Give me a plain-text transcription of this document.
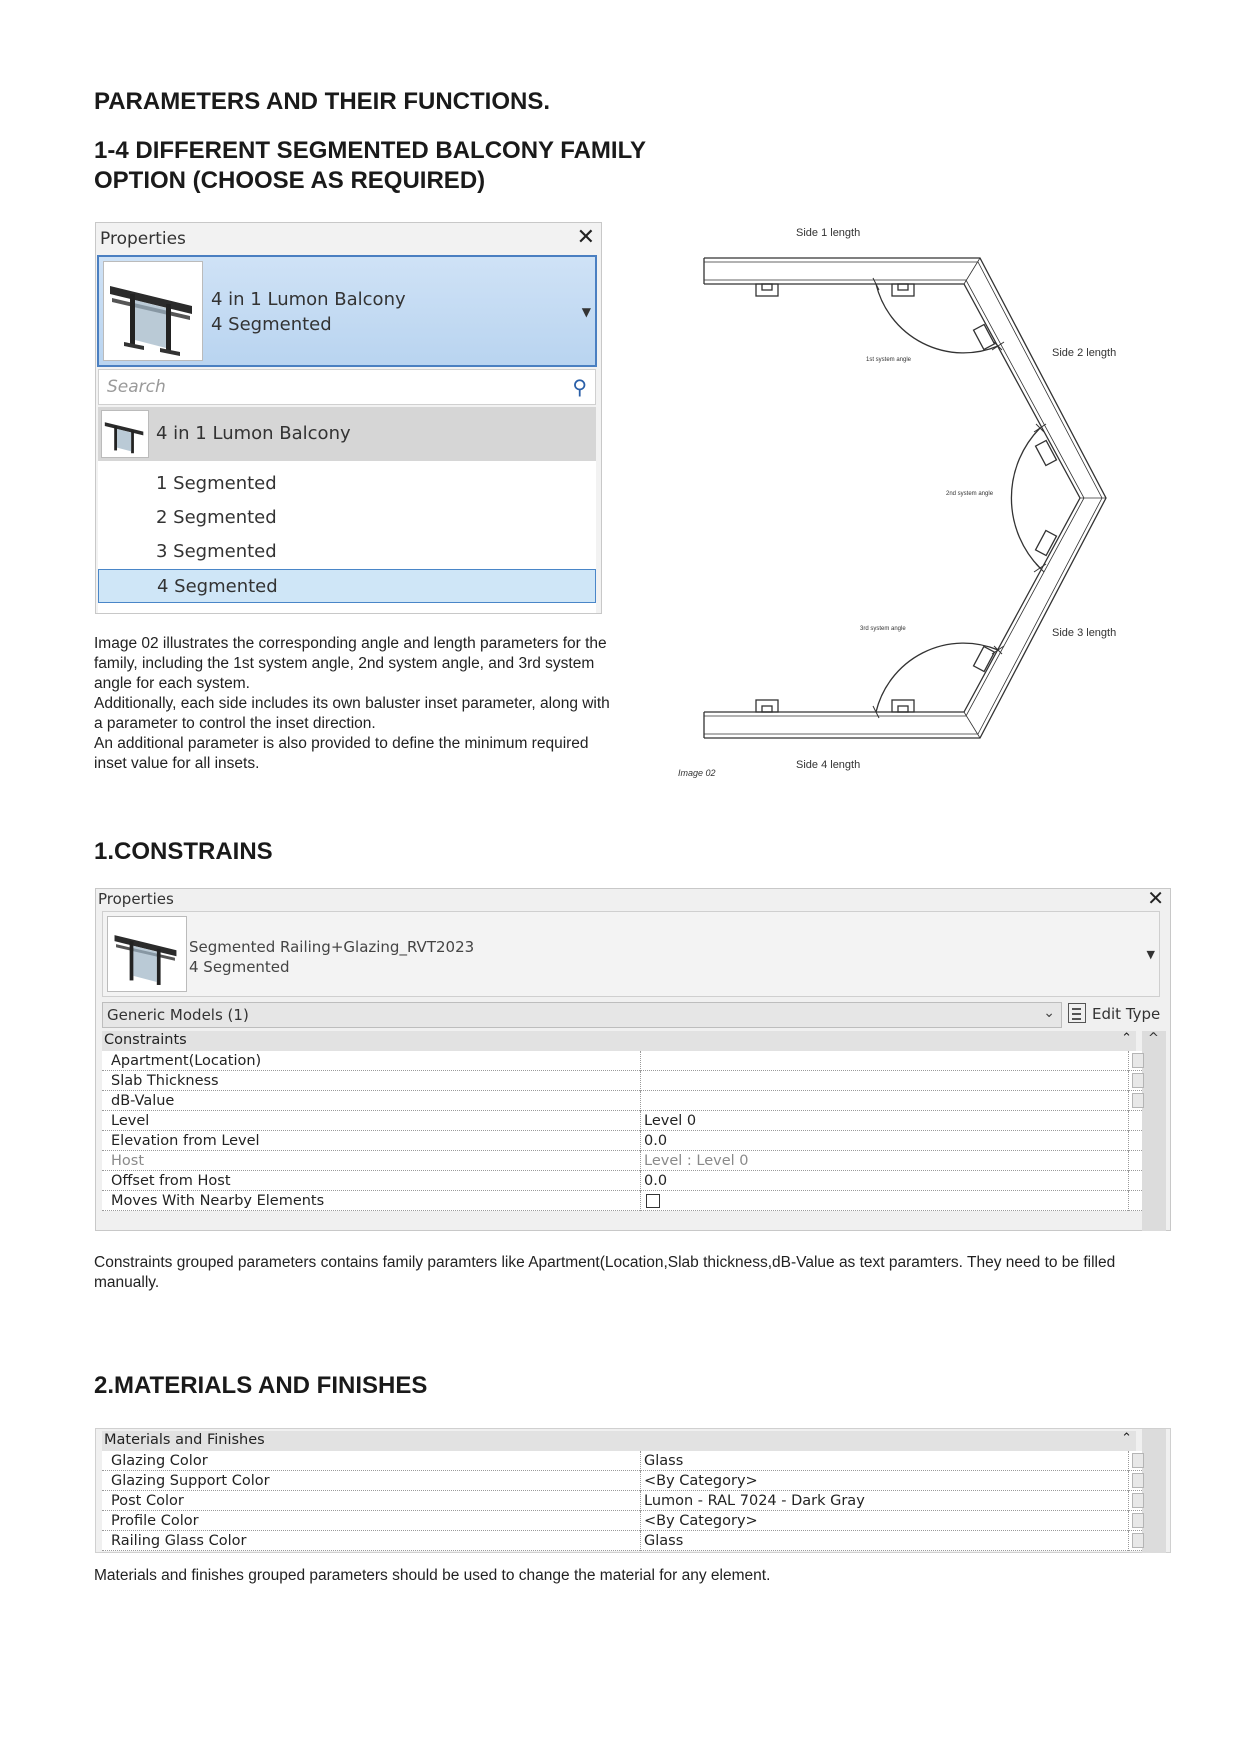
PARAMETERS AND THEIR FUNCTIONS.
1-4 DIFFERENT SEGMENTED BALCONY FAMILY OPTION (CHOOSE AS REQUIRED)
Properties	✕
4 in 1 Lumon Balcony
4 Segmented
▼
Search	⚲
4 in 1 Lumon Balcony
1 Segmented
2 Segmented
3 Segmented
4 Segmented

Image 02 illustrates the corresponding angle and length parameters for the family, including the 1st system angle, 2nd system angle, and 3rd system angle for each system.

Additionally, each side includes its own baluster inset parameter, along with a parameter to control the inset direction.

An additional parameter is also provided to define the minimum required inset value for all insets.

Side 1 length
Side 2 length
Side 3 length
Side 4 length
1st system angle
2nd system angle
3rd system angle
Image 02
1.CONSTRAINS
Properties	✕
Segmented Railing+Glazing_RVT2023
4 Segmented
▼
Generic Models (1)	⌄ Edit Type
Constraints	⌃ ^
Apartment(Location)
Slab Thickness
dB-Value
Level	Level 0
Elevation from Level	0.0
Host	Level : Level 0
Offset from Host	0.0
Moves With Nearby Elements

Constraints grouped parameters contains family paramters like Apartment(Location,Slab thickness,dB-Value as text paramters. They need to be filled manually.

2.MATERIALS AND FINISHES
Materials and Finishes	⌃
Glazing Color	Glass
Glazing Support Color	<By Category>
Post Color	Lumon - RAL 7024 - Dark Gray
Profile Color	<By Category>
Railing Glass Color	Glass

Materials and finishes grouped parameters should be used to change the material for any element.
